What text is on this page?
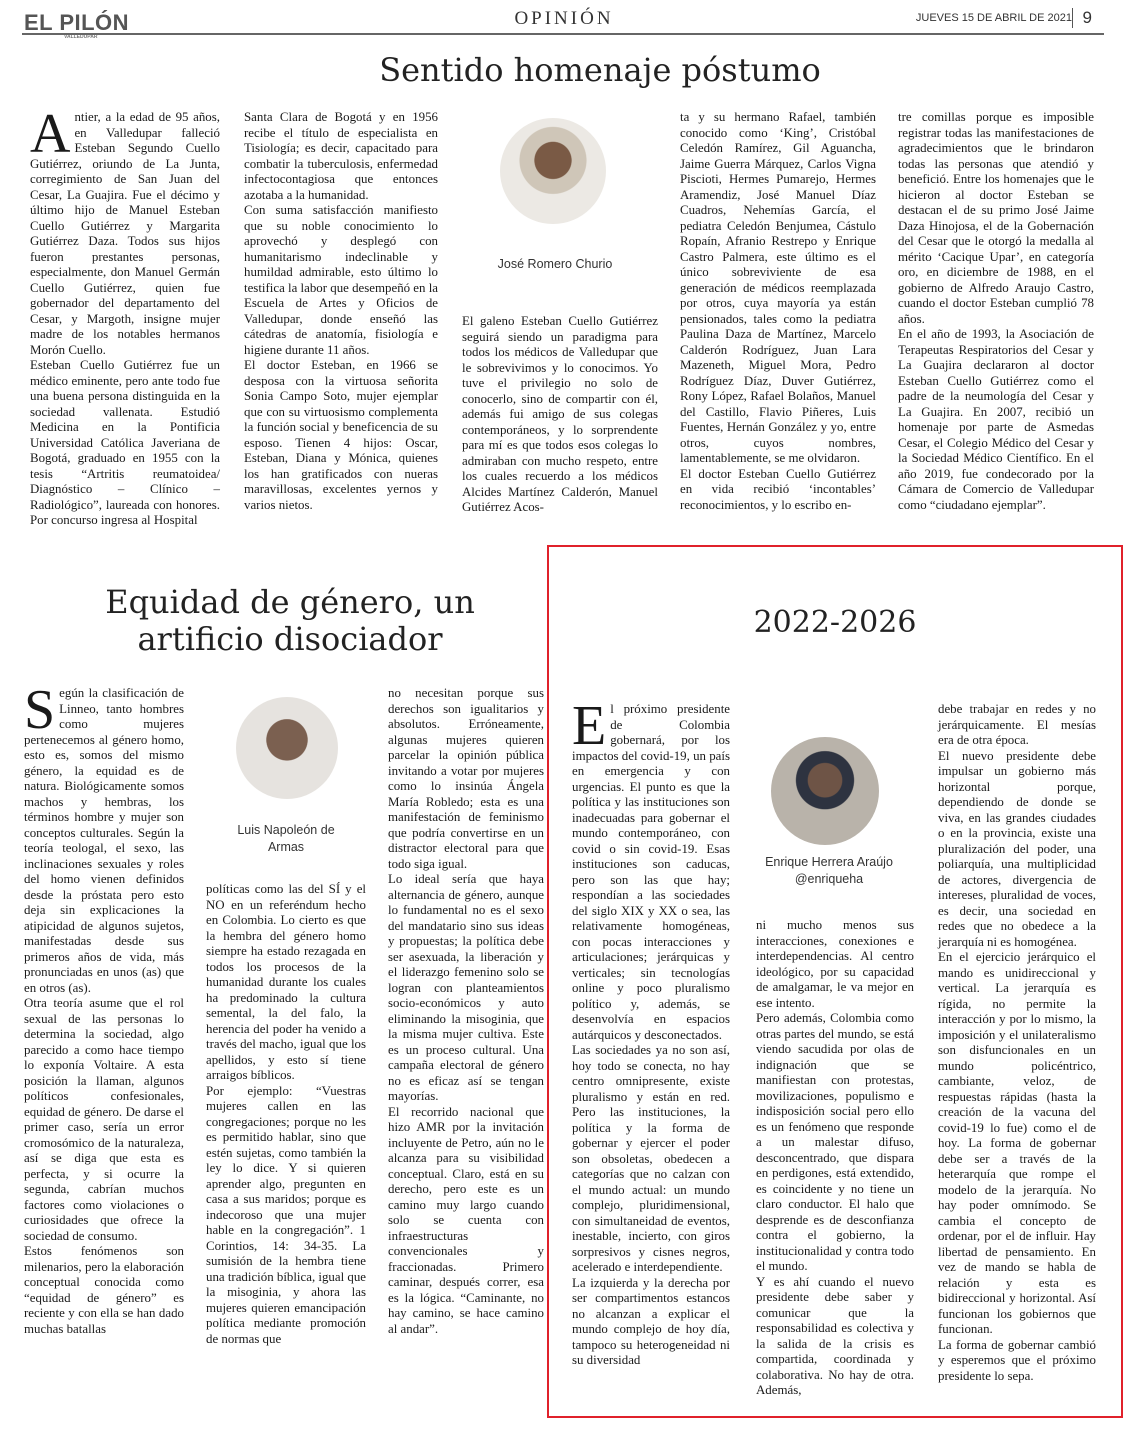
EL PILÓN
VALLEDUPAR
OPINIÓN	JUEVES 15 DE ABRIL DE 2021 9
Sentido homenaje póstumo
A ntier, a la edad de 95 años, en Valledupar falleció Esteban Segundo Cuello Gutiérrez, oriundo de La Junta, corregimiento de San Juan del Cesar, La Guajira. Fue el décimo y último hijo de Manuel Esteban Cuello Gutiérrez y Margarita Gutiérrez Daza. Todos sus hijos fueron prestantes personas, especialmente, don Manuel Germán Cuello Gutiérrez, quien fue gobernador del departamento del Cesar, y Margoth, insigne mujer madre de los notables hermanos Morón Cuello.

Esteban Cuello Gutiérrez fue un médico eminente, pero ante todo fue una buena persona distinguida en la sociedad vallenata. Estudió Medicina en la Pontificia Universidad Católica Javeriana de Bogotá, graduado en 1955 con la tesis “Artritis reumatoidea/ Diagnóstico – Clínico – Radiológico”, laureada con honores. Por concurso ingresa al Hospital

Santa Clara de Bogotá y en 1956 recibe el título de especialista en Tisiología; es decir, capacitado para combatir la tuberculosis, enfermedad infectocontagiosa que entonces azotaba a la humanidad.

Con suma satisfacción manifiesto que su noble conocimiento lo aprovechó y desplegó con humanitarismo indeclinable y humildad admirable, esto último lo testifica la labor que desempeñó en la Escuela de Artes y Oficios de Valledupar, donde enseñó las cátedras de anatomía, fisiología e higiene durante 11 años.

El doctor Esteban, en 1966 se desposa con la virtuosa señorita Sonia Campo Soto, mujer ejemplar que con su virtuosismo complementa la función social y beneficencia de su esposo. Tienen 4 hijos: Oscar, Esteban, Diana y Mónica, quienes los han gratificados con nueras maravillosas, excelentes yernos y varios nietos.

José Romero Churio

El galeno Esteban Cuello Gutiérrez seguirá siendo un paradigma para todos los médicos de Valledupar que le sobrevivimos y lo conocimos. Yo tuve el privilegio no solo de conocerlo, sino de compartir con él, además fui amigo de sus colegas contemporáneos, y lo sorprendente para mí es que todos esos colegas lo admiraban con mucho respeto, entre los cuales recuerdo a los médicos Alcides Martínez Calderón, Manuel Gutiérrez Acos-

ta y su hermano Rafael, también conocido como ‘King’, Cristóbal Celedón Ramírez, Gil Aguancha, Jaime Guerra Márquez, Carlos Vigna Piscioti, Hermes Pumarejo, Hermes Aramendiz, José Manuel Díaz Cuadros, Nehemías García, el pediatra Celedón Benjumea, Cástulo Ropaín, Afranio Restrepo y Enrique Castro Palmera, este último es el único sobreviviente de esa generación de médicos reemplazada por otros, cuya mayoría ya están pensionados, tales como la pediatra Paulina Daza de Martínez, Marcelo Calderón Rodríguez, Juan Lara Mazeneth, Miguel Mora, Pedro Rodríguez Díaz, Duver Gutiérrez, Rony López, Rafael Bolaños, Manuel del Castillo, Flavio Piñeres, Luis Fuentes, Hernán González y yo, entre otros, cuyos nombres, lamentablemente, se me olvidaron.

El doctor Esteban Cuello Gutiérrez en vida recibió ‘incontables’ reconocimientos, y lo escribo en-

tre comillas porque es imposible registrar todas las manifestaciones de agradecimientos que le brindaron todas las personas que atendió y benefició. Entre los homenajes que le hicieron al doctor Esteban se destacan el de su primo José Jaime Daza Hinojosa, el de la Gobernación del Cesar que le otorgó la medalla al mérito ‘Cacique Upar’, en categoría oro, en diciembre de 1988, en el gobierno de Alfredo Araujo Castro, cuando el doctor Esteban cumplió 78 años.

En el año de 1993, la Asociación de Terapeutas Respiratorios del Cesar y La Guajira declararon al doctor Esteban Cuello Gutiérrez como el padre de la neumología del Cesar y La Guajira. En 2007, recibió un homenaje por parte de Asmedas Cesar, el Colegio Médico del Cesar y la Sociedad Médico Científico. En el año 2019, fue condecorado por la Cámara de Comercio de Valledupar como “ciudadano ejemplar”.

Equidad de género, un artificio disociador
S egún la clasificación de Linneo, tanto hombres como mujeres pertenecemos al género homo, esto es, somos del mismo género, la equidad es de natura. Biológicamente somos machos y hembras, los términos hombre y mujer son conceptos culturales. Según la teoría teologal, el sexo, las inclinaciones sexuales y roles del homo vienen definidos desde la próstata pero esto deja sin explicaciones la atipicidad de algunos sujetos, manifestadas desde sus primeros años de vida, más pronunciadas en unos (as) que en otros (as).

Otra teoría asume que el rol sexual de las personas lo determina la sociedad, algo parecido a como hace tiempo lo exponía Voltaire. A esta posición la llaman, algunos políticos confesionales, equidad de género. De darse el primer caso, sería un error cromosómico de la naturaleza, así se diga que esta es perfecta, y si ocurre la segunda, cabrían muchos factores como violaciones o curiosidades que ofrece la sociedad de consumo.

Estos fenómenos son milenarios, pero la elaboración conceptual conocida como “equidad de género” es reciente y con ella se han dado muchas batallas

Luis Napoleón de Armas

políticas como las del SÍ y el NO en un referéndum hecho en Colombia. Lo cierto es que la hembra del género homo siempre ha estado rezagada en todos los procesos de la humanidad durante los cuales ha predominado la cultura semental, la del falo, la herencia del poder ha venido a través del macho, igual que los apellidos, y esto sí tiene arraigos bíblicos.

Por ejemplo: “Vuestras mujeres callen en las congregaciones; porque no les es permitido hablar, sino que estén sujetas, como también la ley lo dice. Y si quieren aprender algo, pregunten en casa a sus maridos; porque es indecoroso que una mujer hable en la congregación”. 1 Corintios, 14: 34-35. La sumisión de la hembra tiene una tradición bíblica, igual que la misoginia, y ahora las mujeres quieren emancipación política mediante promoción de normas que

no necesitan porque sus derechos son igualitarios y absolutos. Erróneamente, algunas mujeres quieren parcelar la opinión pública invitando a votar por mujeres como lo insinúa Ángela María Robledo; esta es una manifestación de feminismo que podría convertirse en un distractor electoral para que todo siga igual.

Lo ideal sería que haya alternancia de género, aunque lo fundamental no es el sexo del mandatario sino sus ideas y propuestas; la política debe ser asexuada, la liberación y el liderazgo femenino solo se logran con planteamientos socio-económicos y auto eliminando la misoginia, que la misma mujer cultiva. Este es un proceso cultural. Una campaña electoral de género no es eficaz así se tengan mayorías.

El recorrido nacional que hizo AMR por la invitación incluyente de Petro, aún no le alcanza para su visibilidad conceptual. Claro, está en su derecho, pero este es un camino muy largo cuando solo se cuenta con infraestructuras convencionales y fraccionadas. Primero caminar, después correr, esa es la lógica. “Caminante, no hay camino, se hace camino al andar”.

2022-2026
E l próximo presidente de Colombia gobernará, por los impactos del covid-19, un país en emergencia y con urgencias. El punto es que la política y las instituciones son inadecuadas para gobernar el mundo contemporáneo, con covid o sin covid-19. Esas instituciones son caducas, pero son las que hay; respondían a las sociedades del siglo XIX y XX o sea, las relativamente homogéneas, con pocas interacciones y articulaciones; jerárquicas y verticales; sin tecnologías online y poco pluralismo político y, además, se desenvolvía en espacios autárquicos y desconectados.

Las sociedades ya no son así, hoy todo se conecta, no hay centro omnipresente, existe pluralismo y están en red. Pero las instituciones, la política y la forma de gobernar y ejercer el poder son obsoletas, obedecen a categorías que no calzan con el mundo actual: un mundo complejo, pluridimensional, con simultaneidad de eventos, inestable, incierto, con giros sorpresivos y cisnes negros, acelerado e interdependiente.

La izquierda y la derecha por ser compartimentos estancos no alcanzan a explicar el mundo complejo de hoy día, tampoco su heterogeneidad ni su diversidad

Enrique Herrera Araújo
@enriqueha

ni mucho menos sus interacciones, conexiones e interdependencias. Al centro ideológico, por su capacidad de amalgamar, le va mejor en ese intento.

Pero además, Colombia como otras partes del mundo, se está viendo sacudida por olas de indignación que se manifiestan con protestas, movilizaciones, populismo e indisposición social pero ello es un fenómeno que responde a un malestar difuso, desconcentrado, que dispara en perdigones, está extendido, es coincidente y no tiene un claro conductor. El halo que desprende es de desconfianza contra el gobierno, la institucionalidad y contra todo el mundo.

Y es ahí cuando el nuevo presidente debe saber y comunicar que la responsabilidad es colectiva y la salida de la crisis es compartida, coordinada y colaborativa. No hay de otra. Además,

debe trabajar en redes y no jerárquicamente. El mesías era de otra época.

El nuevo presidente debe impulsar un gobierno más horizontal porque, dependiendo de donde se viva, en las grandes ciudades o en la provincia, existe una pluralización del poder, una poliarquía, una multiplicidad de actores, divergencia de intereses, pluralidad de voces, es decir, una sociedad en redes que no obedece a la jerarquía ni es homogénea.

En el ejercicio jerárquico el mando es unidireccional y vertical. La jerarquía es rígida, no permite la interacción y por lo mismo, la imposición y el unilateralismo son disfuncionales en un mundo policéntrico, cambiante, veloz, de respuestas rápidas (hasta la creación de la vacuna del covid-19 lo fue) como el de hoy. La forma de gobernar debe ser a través de la heterarquía que rompe el modelo de la jerarquía. No hay poder omnímodo. Se cambia el concepto de ordenar, por el de influir. Hay libertad de pensamiento. En vez de mando se habla de relación y esta es bidireccional y horizontal. Así funcionan los gobiernos que funcionan.

La forma de gobernar cambió y esperemos que el próximo presidente lo sepa.
